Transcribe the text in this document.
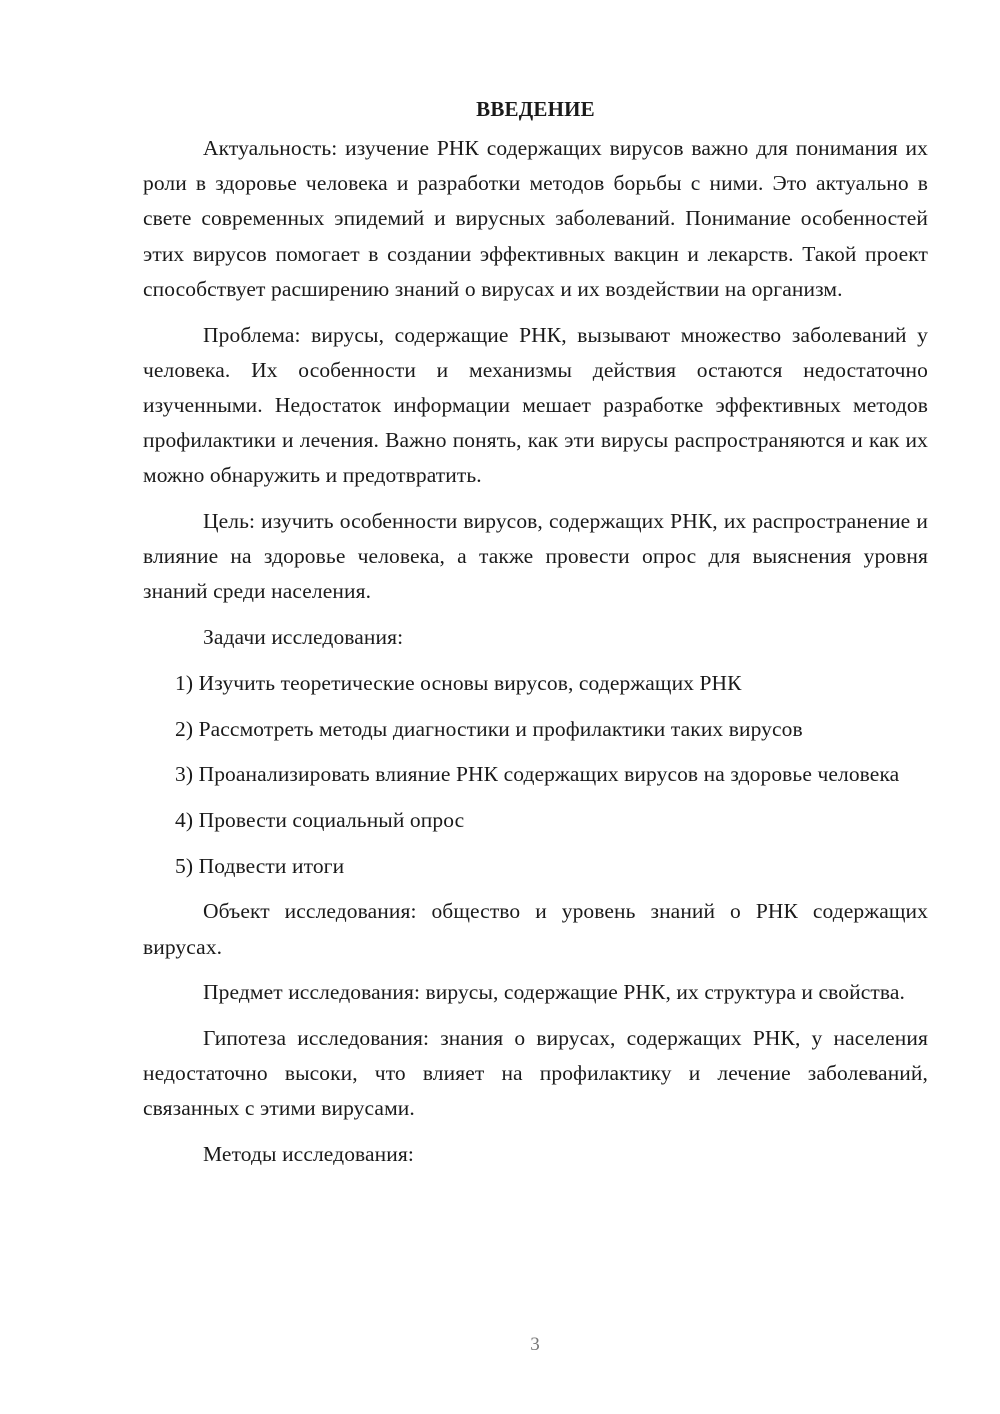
ВВЕДЕНИЕ

Актуальность: изучение РНК содержащих вирусов важно для понимания их роли в здоровье человека и разработки методов борьбы с ними. Это актуально в свете современных эпидемий и вирусных заболеваний. Понимание особенностей этих вирусов помогает в создании эффективных вакцин и лекарств. Такой проект способствует расширению знаний о вирусах и их воздействии на организм.

Проблема: вирусы, содержащие РНК, вызывают множество заболеваний у человека. Их особенности и механизмы действия остаются недостаточно изученными. Недостаток информации мешает разработке эффективных методов профилактики и лечения. Важно понять, как эти вирусы распространяются и как их можно обнаружить и предотвратить.

Цель: изучить особенности вирусов, содержащих РНК, их распространение и влияние на здоровье человека, а также провести опрос для выяснения уровня знаний среди населения.

Задачи исследования:

1) Изучить теоретические основы вирусов, содержащих РНК

2) Рассмотреть методы диагностики и профилактики таких вирусов

3) Проанализировать влияние РНК содержащих вирусов на здоровье человека

4) Провести социальный опрос

5) Подвести итоги

Объект исследования: общество и уровень знаний о РНК содержащих вирусах.

Предмет исследования: вирусы, содержащие РНК, их структура и свойства.

Гипотеза исследования: знания о вирусах, содержащих РНК, у населения недостаточно высоки, что влияет на профилактику и лечение заболеваний, связанных с этими вирусами.

Методы исследования:

3
